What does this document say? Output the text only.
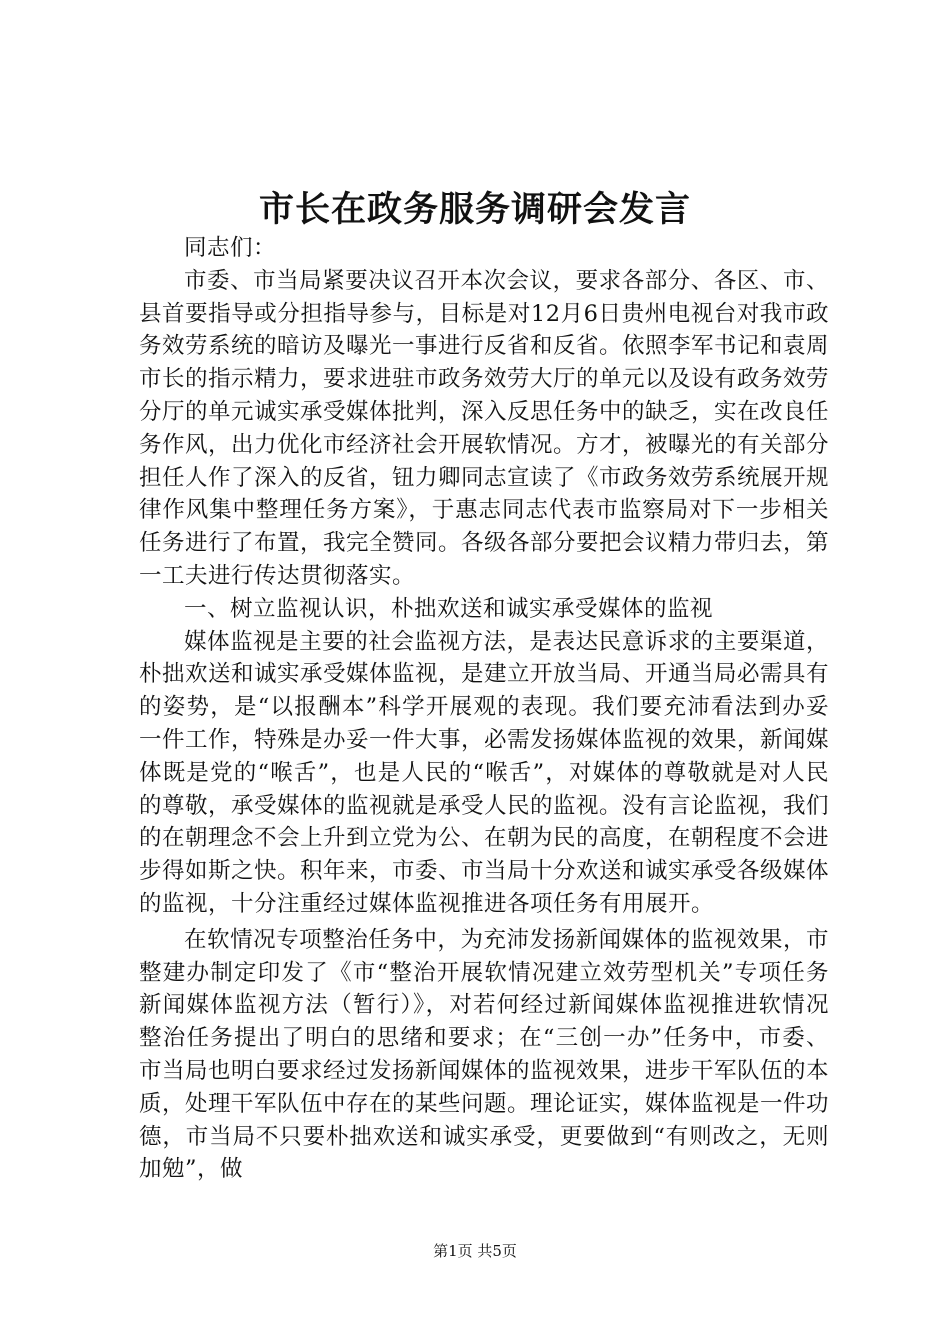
市长在政务服务调研会发言

同志们：

市委、市当局紧要决议召开本次会议，要求各部分、各区、市、县首要指导或分担指导参与，目标是对12月6日贵州电视台对我市政务效劳系统的暗访及曝光一事进行反省和反省。依照李军书记和袁周市长的指示精力，要求进驻市政务效劳大厅的单元以及设有政务效劳分厅的单元诚实承受媒体批判，深入反思任务中的缺乏，实在改良任务作风，出力优化市经济社会开展软情况。方才，被曝光的有关部分担任人作了深入的反省，钮力卿同志宣读了《市政务效劳系统展开规律作风集中整理任务方案》，于惠志同志代表市监察局对下一步相关任务进行了布置，我完全赞同。各级各部分要把会议精力带归去，第一工夫进行传达贯彻落实。

一、树立监视认识，朴拙欢送和诚实承受媒体的监视

媒体监视是主要的社会监视方法，是表达民意诉求的主要渠道，朴拙欢送和诚实承受媒体监视，是建立开放当局、开通当局必需具有的姿势，是“以报酬本”科学开展观的表现。我们要充沛看法到办妥一件工作，特殊是办妥一件大事，必需发扬媒体监视的效果，新闻媒体既是党的“喉舌”，也是人民的“喉舌”，对媒体的尊敬就是对人民的尊敬，承受媒体的监视就是承受人民的监视。没有言论监视，我们的在朝理念不会上升到立党为公、在朝为民的高度，在朝程度不会进步得如斯之快。积年来，市委、市当局十分欢送和诚实承受各级媒体的监视，十分注重经过媒体监视推进各项任务有用展开。

在软情况专项整治任务中，为充沛发扬新闻媒体的监视效果，市整建办制定印发了《市“整治开展软情况建立效劳型机关”专项任务新闻媒体监视方法（暂行）》，对若何经过新闻媒体监视推进软情况整治任务提出了明白的思绪和要求；在“三创一办”任务中，市委、市当局也明白要求经过发扬新闻媒体的监视效果，进步干军队伍的本质，处理干军队伍中存在的某些问题。理论证实，媒体监视是一件功德，市当局不只要朴拙欢送和诚实承受，更要做到“有则改之，无则加勉”，做

第1页 共5页
